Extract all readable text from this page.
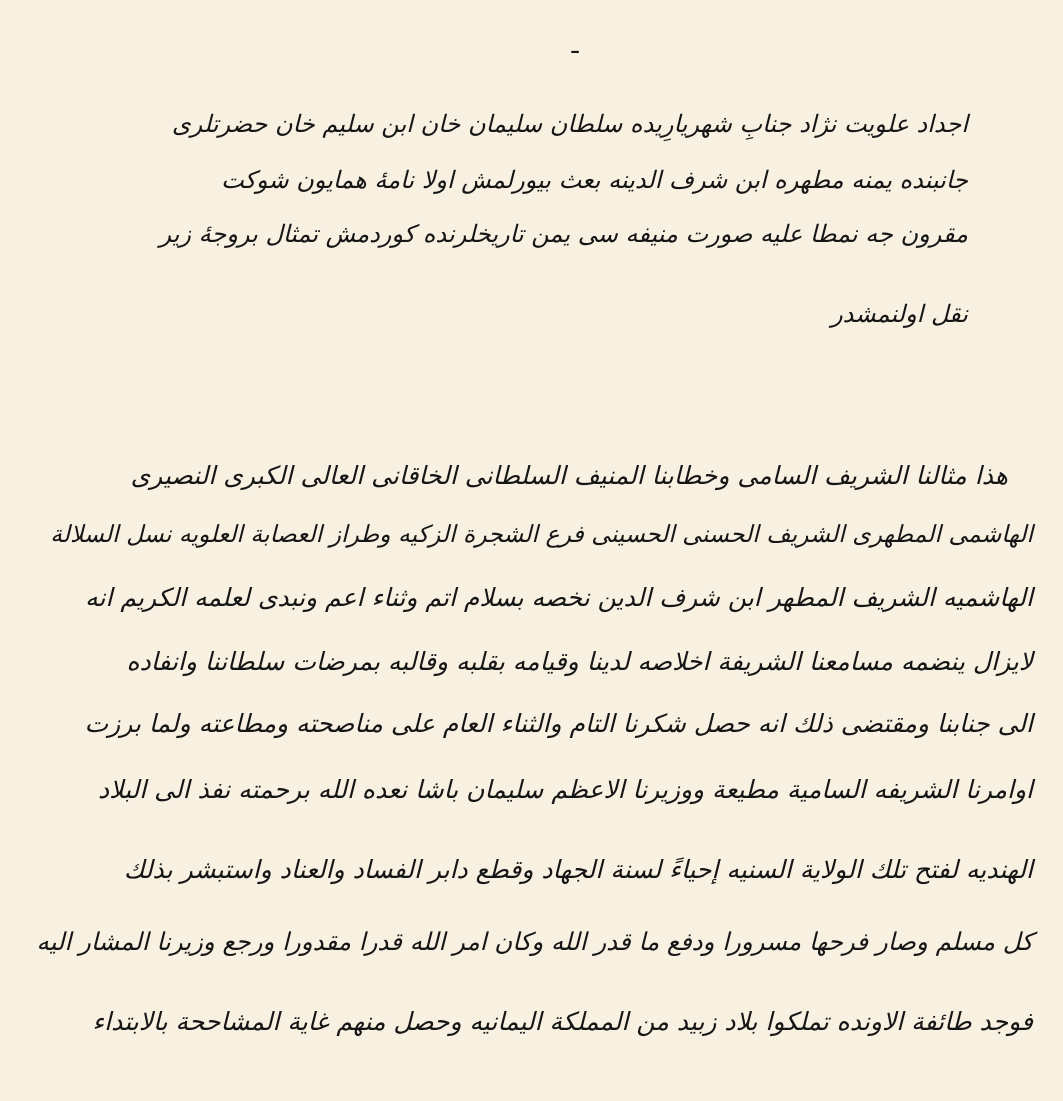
ـ
اجداد علويت نژاد جنابِ شهريارِيده سلطان سليمان خان ابن سليم خان حضرتلرى
جانبنده يمنه مطهره ابن شرف الدينه بعث بيورلمش اولا نامهٔ همايون شوكت
مقرون جه نمطا عليه صورت منيفه سى يمن تاريخلرنده كوردمش تمثال بروجهٔ زير
نقل اولنمشدر
هذا مثالنا الشريف السامى وخطابنا المنيف السلطانى الخاقانى العالى الكبرى النصيرى
الهاشمى المطهرى الشريف الحسنى الحسينى فرع الشجرة الزكيه وطراز العصابة العلويه نسل السلالة
الهاشميه الشريف المطهر ابن شرف الدين نخصه بسلام اتم وثناء اعم ونبدى لعلمه الكريم انه
لايزال ينضمه مسامعنا الشريفة اخلاصه لدينا وقيامه بقلبه وقالبه بمرضات سلطاننا وانفاده
الى جنابنا ومقتضى ذلك انه حصل شكرنا التام والثناء العام على مناصحته ومطاعته ولما برزت
اوامرنا الشريفه السامية مطيعة ووزيرنا الاعظم سليمان باشا نعده الله برحمته نفذ الى البلاد
الهنديه لفتح تلك الولاية السنيه إحياءً لسنة الجهاد وقطع دابر الفساد والعناد واستبشر بذلك
كل مسلم وصار فرحها مسرورا ودفع ما قدر الله وكان امر الله قدرا مقدورا ورجع وزيرنا المشار اليه
فوجد طائفة الاونده تملكوا بلاد زبيد من المملكة اليمانيه وحصل منهم غاية المشاححة بالابتداء
